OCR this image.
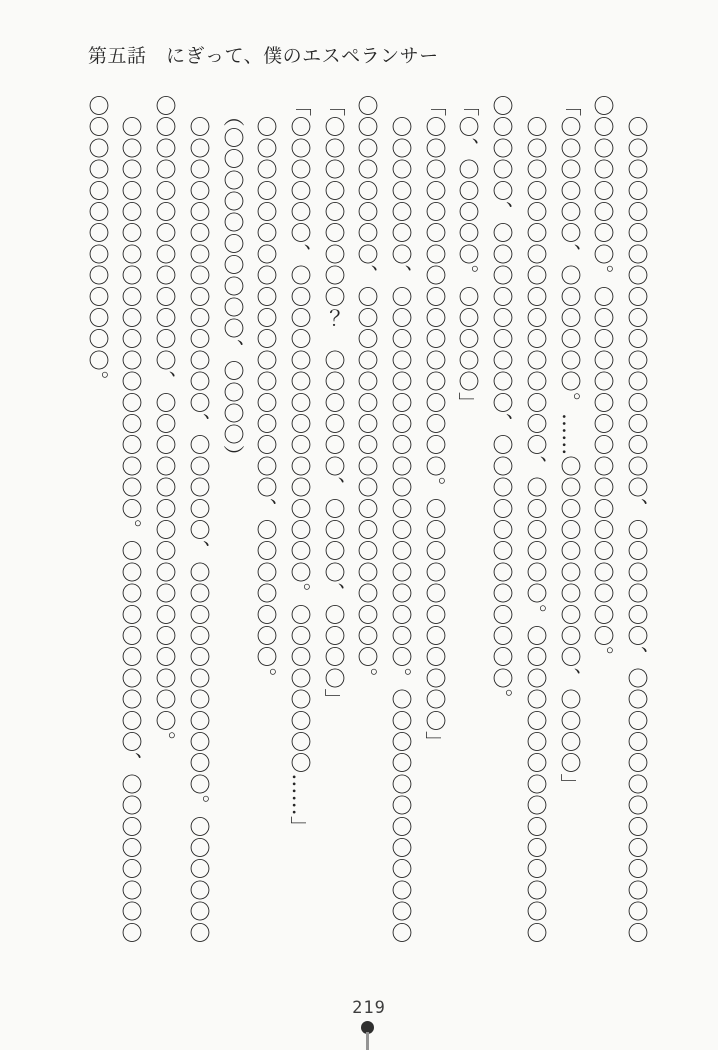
第五話　にぎって、僕のエスペランサー
　〇〇〇〇〇〇〇〇〇〇〇〇〇〇〇〇〇〇、〇〇〇〇〇〇、〇〇〇〇〇〇〇〇〇〇〇〇〇
〇〇〇〇〇〇〇〇。〇〇〇〇〇〇〇〇〇〇〇〇〇〇〇〇〇。
「〇〇〇〇〇〇、〇〇〇〇〇〇。……〇〇〇〇〇〇〇〇〇〇、〇〇〇〇」
　〇〇〇〇〇〇〇〇〇〇〇〇〇〇〇〇、〇〇〇〇〇〇。〇〇〇〇〇〇〇〇〇〇〇〇〇〇〇
〇〇〇〇〇、〇〇〇〇〇〇〇〇〇、〇〇〇〇〇〇〇〇〇〇〇〇。
「〇、〇〇〇〇〇。〇〇〇〇〇」
「〇〇〇〇〇〇〇〇〇〇〇〇〇〇〇〇〇。〇〇〇〇〇〇〇〇〇〇〇」
　〇〇〇〇〇〇〇、〇〇〇〇〇〇〇〇〇〇〇〇〇〇〇〇〇〇。〇〇〇〇〇〇〇〇〇〇〇〇
〇〇〇〇〇〇〇〇、〇〇〇〇〇〇〇〇〇〇〇〇〇〇〇〇〇〇。
「〇〇〇〇〇〇〇〇〇？　〇〇〇〇〇〇、〇〇〇〇、〇〇〇〇」
「〇〇〇〇〇〇、〇〇〇〇〇〇〇〇〇〇〇〇〇〇〇。〇〇〇〇〇〇〇〇……」
　〇〇〇〇〇〇〇〇〇〇〇〇〇〇〇〇〇〇、〇〇〇〇〇〇〇。
　（〇〇〇〇〇〇〇〇〇〇、〇〇〇〇）
　〇〇〇〇〇〇〇〇〇〇〇〇〇〇、〇〇〇〇〇、〇〇〇〇〇〇〇〇〇〇〇。〇〇〇〇〇〇
〇〇〇〇〇〇〇〇〇〇〇〇〇、〇〇〇〇〇〇〇〇〇〇〇〇〇〇〇〇。
　〇〇〇〇〇〇〇〇〇〇〇〇〇〇〇〇〇〇〇。〇〇〇〇〇〇〇〇〇〇、〇〇〇〇〇〇〇〇
〇〇〇〇〇〇〇〇〇〇〇〇〇。
219
